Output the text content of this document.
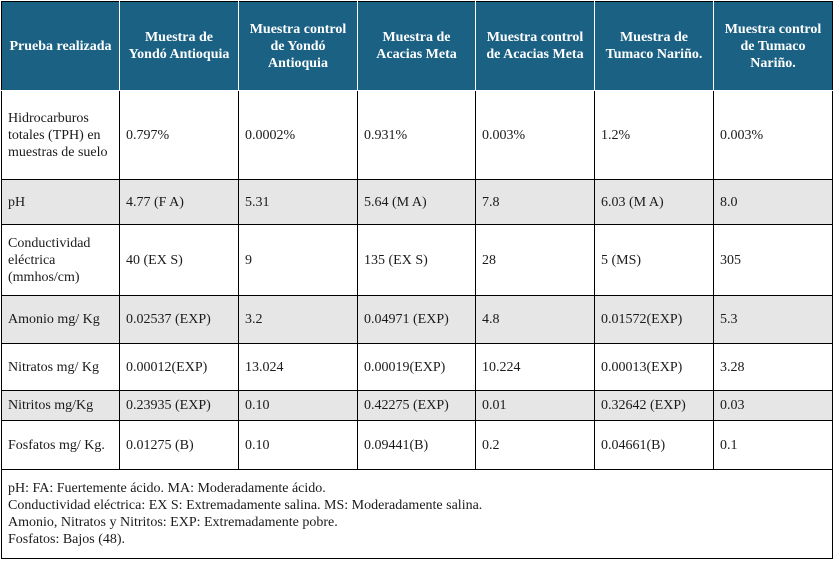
Prueba realizada	Muestra de Yondó Antioquia	Muestra control de Yondó Antioquia	Muestra de Acacias Meta	Muestra control de Acacias Meta	Muestra de Tumaco Nariño.	Muestra control de Tumaco Nariño.
Hidrocarburos totales (TPH) en muestras de suelo	0.797%	0.0002%	0.931%	0.003%	1.2%	0.003%
pH	4.77 (F A)	5.31	5.64 (M A)	7.8	6.03 (M A)	8.0
Conductividad eléctrica (mmhos/cm)	40 (EX S)	9	135 (EX S)	28	5 (MS)	305
Amonio mg/ Kg	0.02537 (EXP)	3.2	0.04971 (EXP)	4.8	0.01572(EXP)	5.3
Nitratos mg/ Kg	0.00012(EXP)	13.024	0.00019(EXP)	10.224	0.00013(EXP)	3.28
Nitritos mg/Kg	0.23935 (EXP)	0.10	0.42275 (EXP)	0.01	0.32642 (EXP)	0.03
Fosfatos mg/ Kg.	0.01275 (B)	0.10	0.09441(B)	0.2	0.04661(B)	0.1

pH: FA: Fuertemente ácido. MA: Moderadamente ácido.
Conductividad eléctrica: EX S: Extremadamente salina. MS: Moderadamente salina.
Amonio, Nitratos y Nitritos: EXP: Extremadamente pobre.
Fosfatos: Bajos (48).						
